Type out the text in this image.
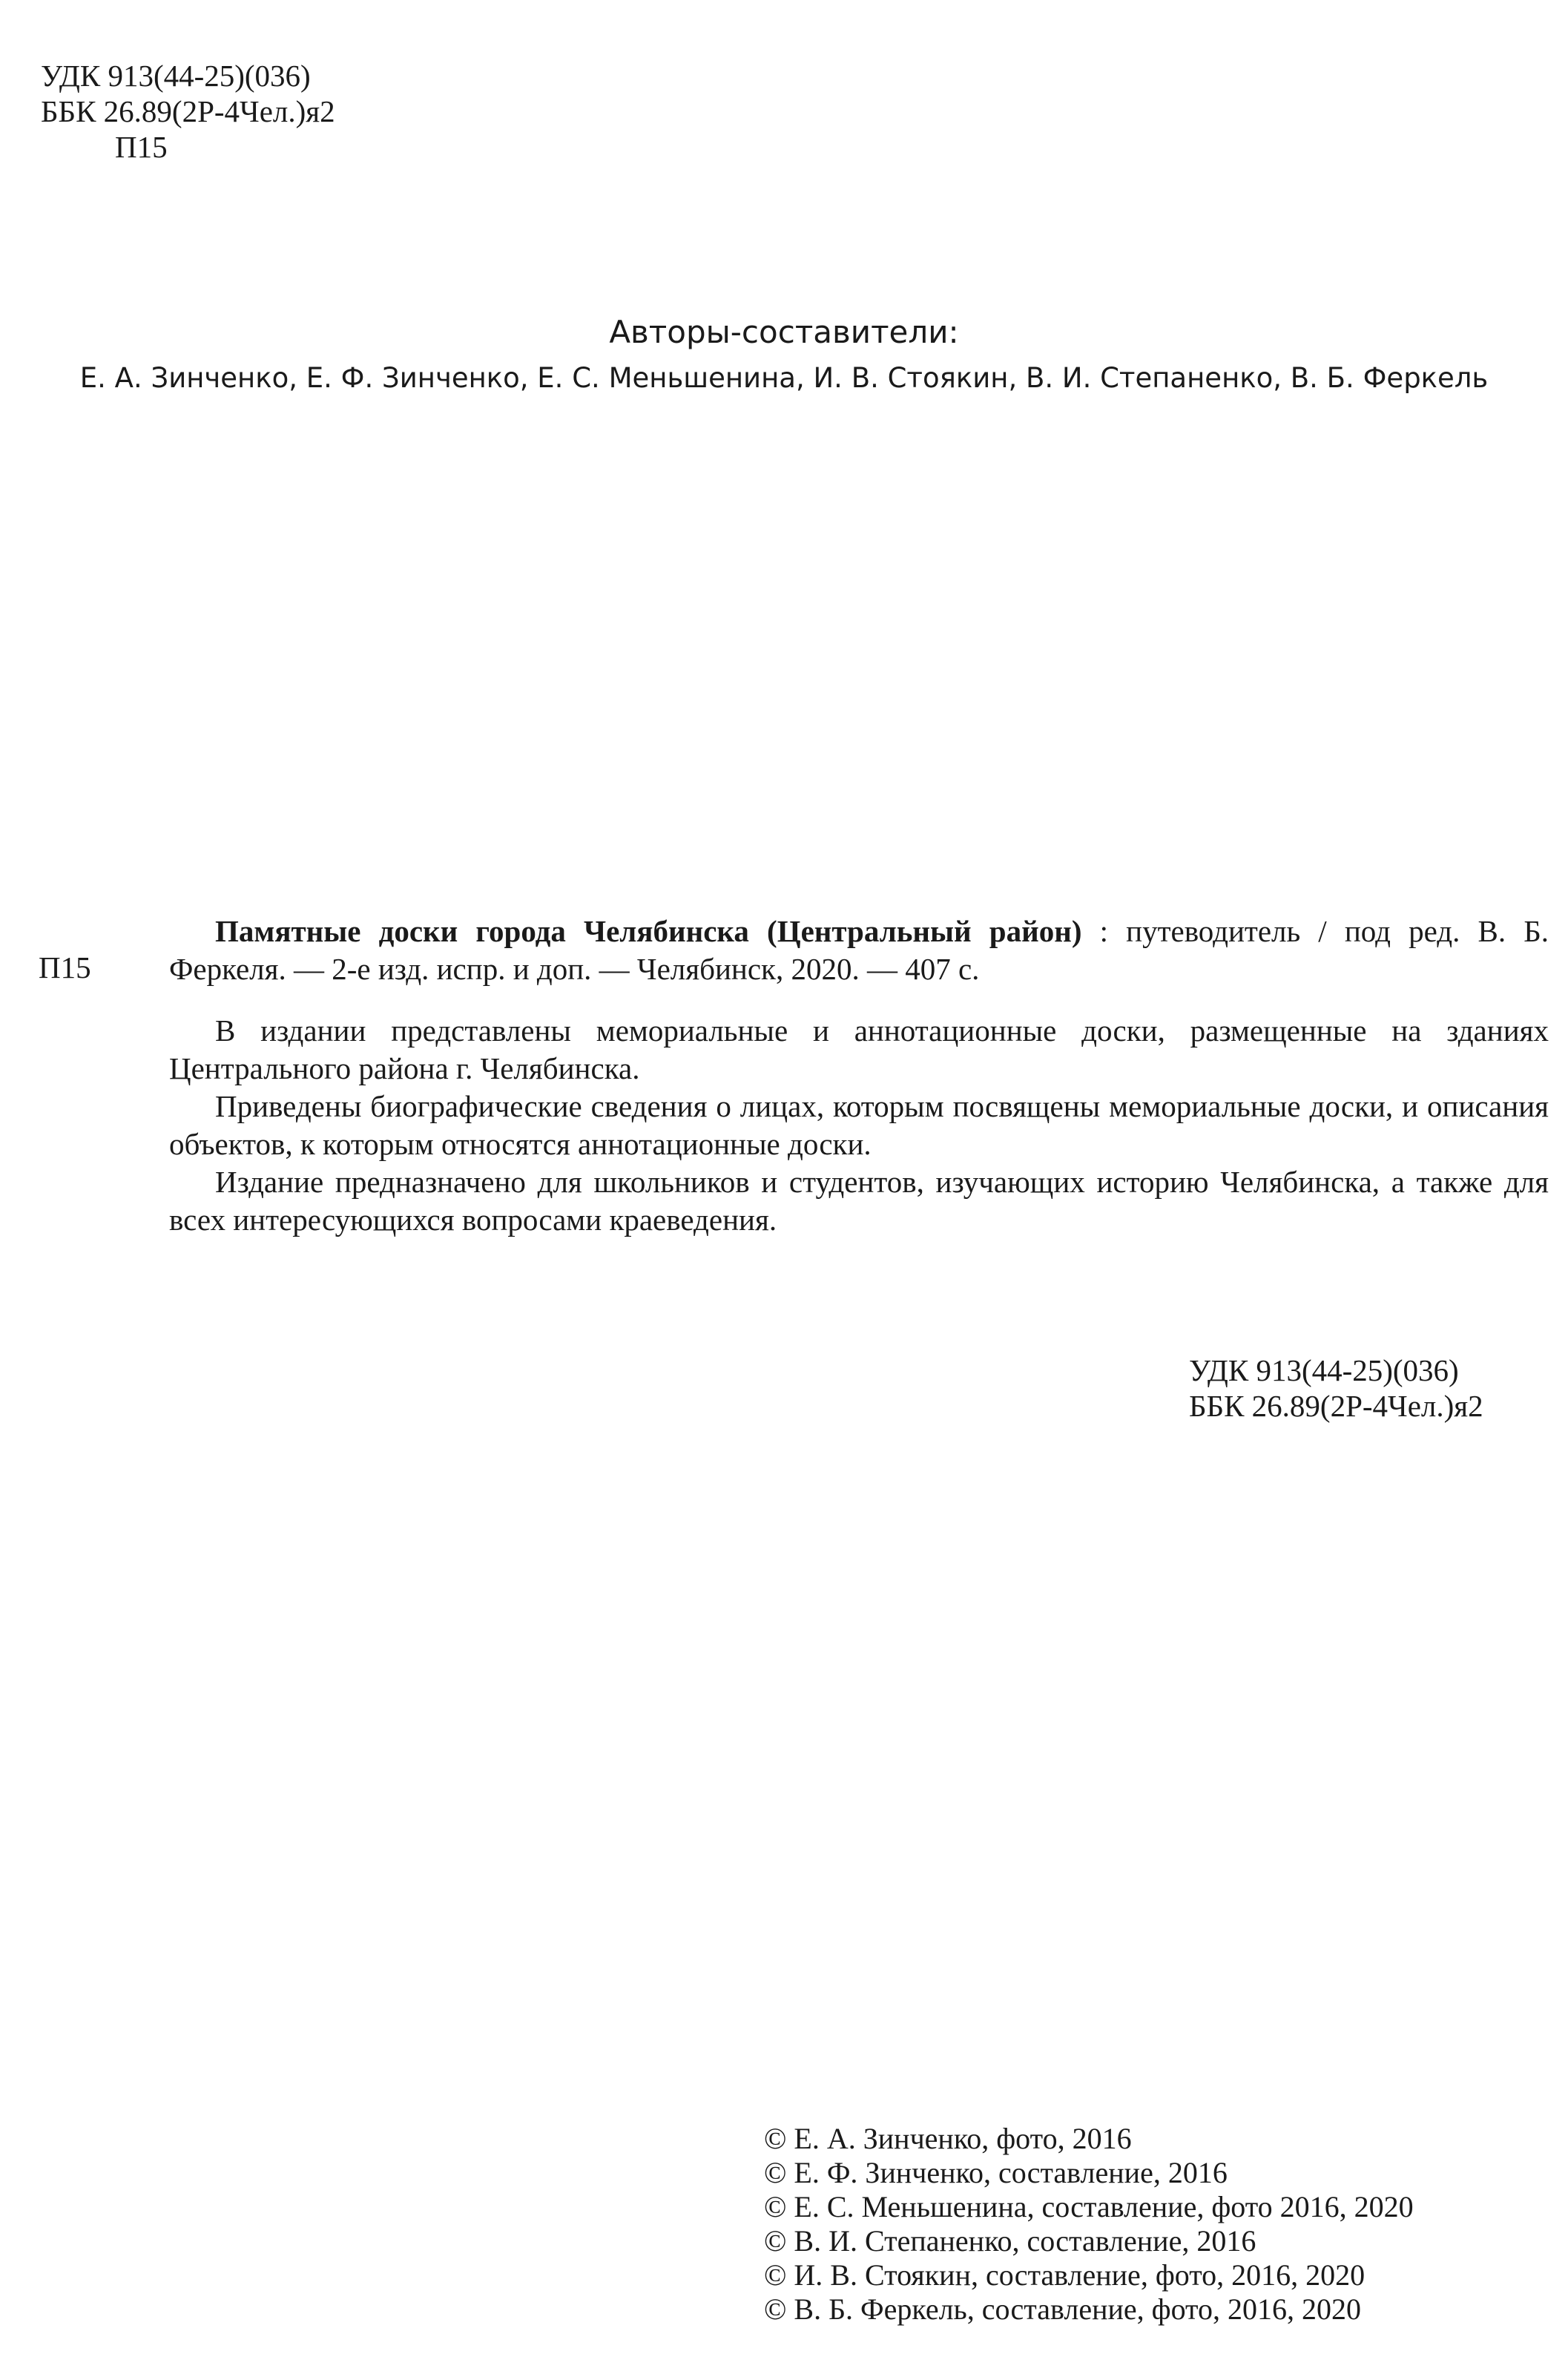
УДК 913(44-25)(036)
ББК 26.89(2Р-4Чел.)я2
П15
Авторы-составители:
Е. А. Зинченко, Е. Ф. Зинченко, Е. С. Меньшенина, И. В. Стоякин, В. И. Степаненко, В. Б. Феркель
П15

Памятные доски города Челябинска (Центральный район) : путеводитель / под ред. В. Б. Феркеля. — 2-е изд. испр. и доп. — Челябинск, 2020. — 407 с.

В издании представлены мемориальные и аннотационные доски, размещенные на зданиях Центрального района г. Челябинска.

Приведены биографические сведения о лицах, которым посвящены мемориальные доски, и описания объектов, к которым относятся аннотационные доски.

Издание предназначено для школьников и студентов, изучающих историю Челябинска, а также для всех интересующихся вопросами краеведения.

УДК 913(44-25)(036)
ББК 26.89(2Р-4Чел.)я2
© Е. А. Зинченко, фото, 2016
© Е. Ф. Зинченко, составление, 2016
© Е. С. Меньшенина, составление, фото 2016, 2020
© В. И. Степаненко, составление, 2016
© И. В. Стоякин, составление, фото, 2016, 2020
© В. Б. Феркель, составление, фото, 2016, 2020
